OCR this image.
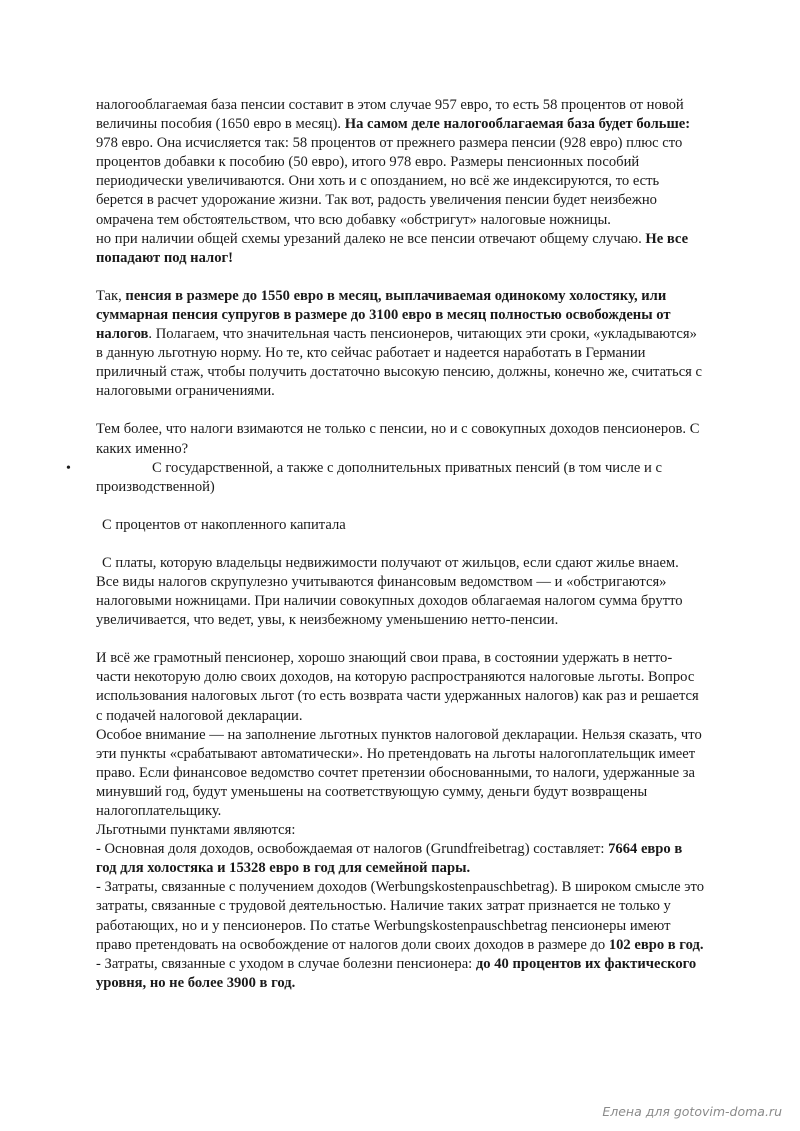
налогооблагаемая база пенсии составит в этом случае 957 евро, то есть 58 процентов от новой величины пособия (1650 евро в месяц). На самом деле налогооблагаемая база будет больше: 978 евро. Она исчисляется так: 58 процентов от прежнего размера пенсии (928 евро) плюс сто процентов добавки к пособию (50 евро), итого 978 евро. Размеры пенсионных пособий периодически увеличиваются. Они хоть и с опозданием, но всё же индексируются, то есть берется в расчет удорожание жизни. Так вот, радость увеличения пенсии будет неизбежно омрачена тем обстоятельством, что всю добавку «обстригут» налоговые ножницы.

но при наличии общей схемы урезаний далеко не все пенсии отвечают общему случаю. Не все попадают под налог!

Так, пенсия в размере до 1550 евро в месяц, выплачиваемая одинокому холостяку, или суммарная пенсия супругов в размере до 3100 евро в месяц полностью освобождены от налогов. Полагаем, что значительная часть пенсионеров, читающих эти сроки, «укладываются» в данную льготную норму. Но те, кто сейчас работает и надеется наработать в Германии приличный стаж, чтобы получить достаточно высокую пенсию, должны, конечно же, считаться с налоговыми ограничениями.

Тем более, что налоги взимаются не только с пенсии, но и с совокупных доходов пенсионеров. С каких именно?

•	С государственной, а также с дополнительных приватных пенсий (в том числе и с производственной)

С процентов от накопленного капитала

С платы, которую владельцы недвижимости получают от жильцов, если сдают жилье внаем.

Все виды налогов скрупулезно учитываются финансовым ведомством — и «обстригаются» налоговыми ножницами. При наличии совокупных доходов облагаемая налогом сумма брутто увеличивается, что ведет, увы, к неизбежному уменьшению нетто-пенсии.

И всё же грамотный пенсионер, хорошо знающий свои права, в состоянии удержать в нетто-части некоторую долю своих доходов, на которую распространяются налоговые льготы. Вопрос использования налоговых льгот (то есть возврата части удержанных налогов) как раз и решается с подачей налоговой декларации.

Особое внимание — на заполнение льготных пунктов налоговой декларации. Нельзя сказать, что эти пункты «срабатывают автоматически». Но претендовать на льготы налогоплательщик имеет право. Если финансовое ведомство сочтет претензии обоснованными, то налоги, удержанные за минувший год, будут уменьшены на соответствующую сумму, деньги будут возвращены налогоплательщику.

Льготными пунктами являются:

- Основная доля доходов, освобождаемая от налогов (Grundfreibetrag) составляет: 7664 евро в год для холостяка и 15328 евро в год для семейной пары.

- Затраты, связанные с получением доходов (Werbungskostenpauschbetrag). В широком смысле это затраты, связанные с трудовой деятельностью. Наличие таких затрат признается не только у работающих, но и у пенсионеров. По статье Werbungskostenpauschbetrag пенсионеры имеют право претендовать на освобождение от налогов доли своих доходов в размере до 102 евро в год.

- Затраты, связанные с уходом в случае болезни пенсионера: до 40 процентов их фактического уровня, но не более 3900 в год.

Елена для gotovim-doma.ru
